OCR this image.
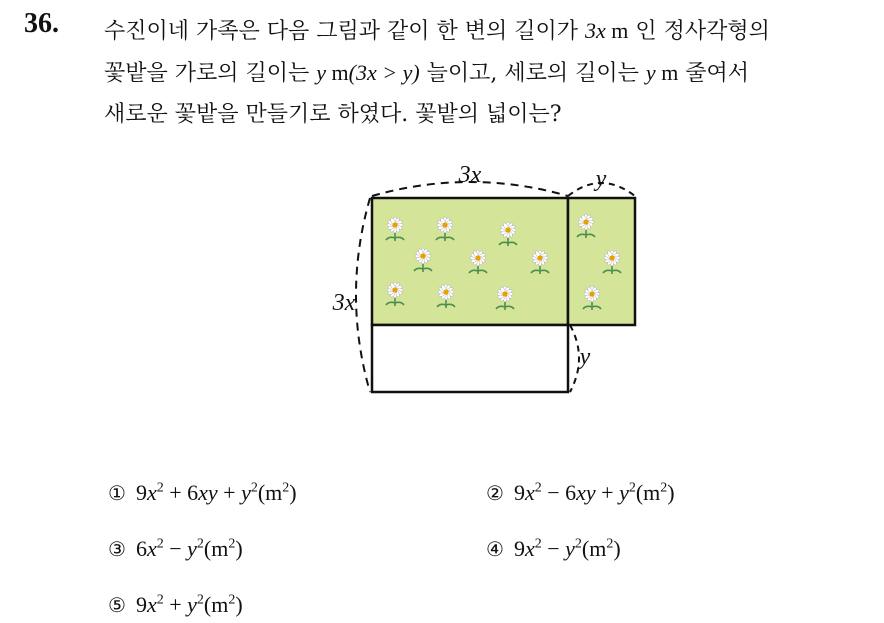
36. 수진이네 가족은 다음 그림과 같이 한 변의 길이가 3x m 인 정사각형의
꽃밭을 가로의 길이는 y m(3x > y) 늘이고, 세로의 길이는 y m 줄여서
새로운 꽃밭을 만들기로 하였다. 꽃밭의 넓이는?
3x	y
3x
y
① $9x^2 + 6xy + y^2(m^2)$	② $9x^2 - 6xy + y^2(m^2)$
③ $6x^2 - y^2(m^2)$	④ $9x^2 - y^2(m^2)$
⑤ $9x^2 + y^2(m^2)$
